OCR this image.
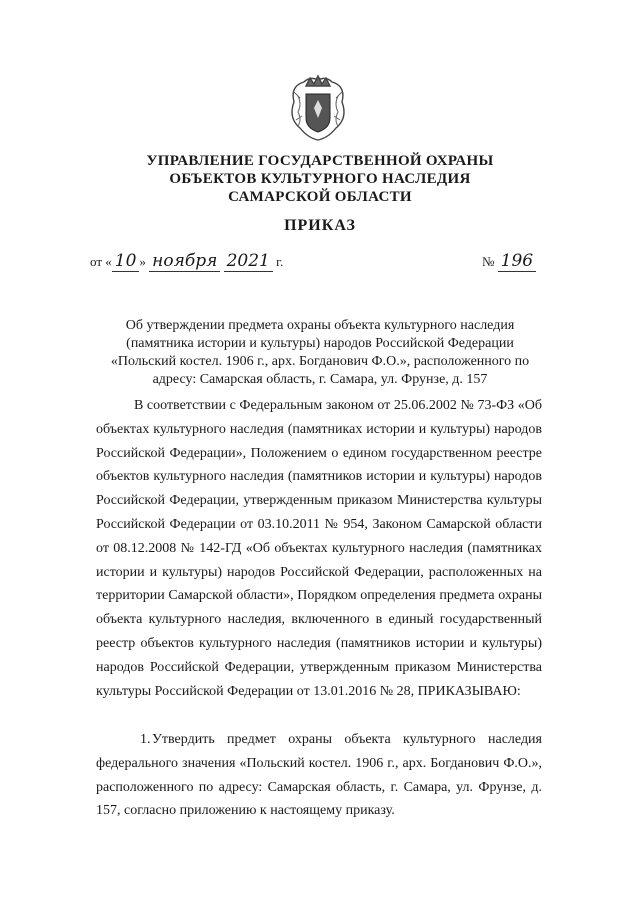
УПРАВЛЕНИЕ ГОСУДАРСТВЕННОЙ ОХРАНЫ
ОБЪЕКТОВ КУЛЬТУРНОГО НАСЛЕДИЯ
САМАРСКОЙ ОБЛАСТИ
ПРИКАЗ
от « 10 » ноября 2021 г.	№ 196
Об утверждении предмета охраны объекта культурного наследия (памятника истории и культуры) народов Российской Федерации «Польский костел. 1906 г., арх. Богданович Ф.О.», расположенного по адресу: Самарская область, г. Самара, ул. Фрунзе, д. 157

В соответствии с Федеральным законом от 25.06.2002 № 73-ФЗ «Об объектах культурного наследия (памятниках истории и культуры) народов Российской Федерации», Положением о едином государственном реестре объектов культурного наследия (памятников истории и культуры) народов Российской Федерации, утвержденным приказом Министерства культуры Российской Федерации от 03.10.2011 № 954, Законом Самарской области от 08.12.2008 № 142-ГД «Об объектах культурного наследия (памятниках истории и культуры) народов Российской Федерации, расположенных на территории Самарской области», Порядком определения предмета охраны объекта культурного наследия, включенного в единый государственный реестр объектов культурного наследия (памятников истории и культуры) народов Российской Федерации, утвержденным приказом Министерства культуры Российской Федерации от 13.01.2016 № 28, ПРИКАЗЫВАЮ:

1. Утвердить предмет охраны объекта культурного наследия федерального значения «Польский костел. 1906 г., арх. Богданович Ф.О.», расположенного по адресу: Самарская область, г. Самара, ул. Фрунзе, д. 157, согласно приложению к настоящему приказу.
